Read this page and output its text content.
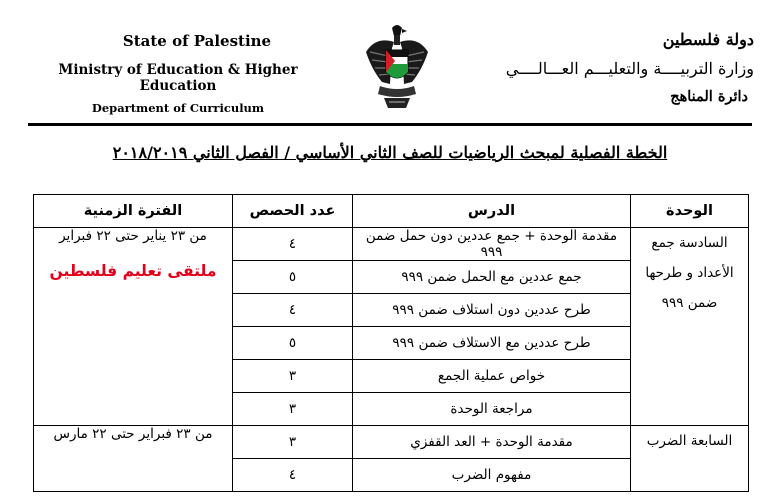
State of Palestine
Ministry of Education & Higher Education
Department of Curriculum
دولة فلسطين
وزارة التربيــــة والتعليـــم العـــالــــي
دائرة المناهج
الخطة الفصلية لمبحث الرياضيات للصف الثاني الأساسي / الفصل الثاني ٢٠١٨/٢٠١٩
الوحدة	الدرس	عدد الحصص	الفترة الزمنية
السادسة جمع الأعداد و طرحها ضمن ٩٩٩	مقدمة الوحدة + جمع عددين دون حمل ضمن ٩٩٩	٤	من ٢٣ يناير حتى ٢٢ فبراير
ملتقى تعليم فلسطين

	جمع عددين مع الحمل ضمن ٩٩٩	٥	
	طرح عددين دون استلاف ضمن ٩٩٩	٤	
	طرح عددين مع الاستلاف ضمن ٩٩٩	٥	
	خواص عملية الجمع	٣	
	مراجعة الوحدة	٣	
السابعة الضرب	مقدمة الوحدة + العد القفزي	٣	من ٢٣ فبراير حتى ٢٢ مارس

	مفهوم الضرب	٤	
